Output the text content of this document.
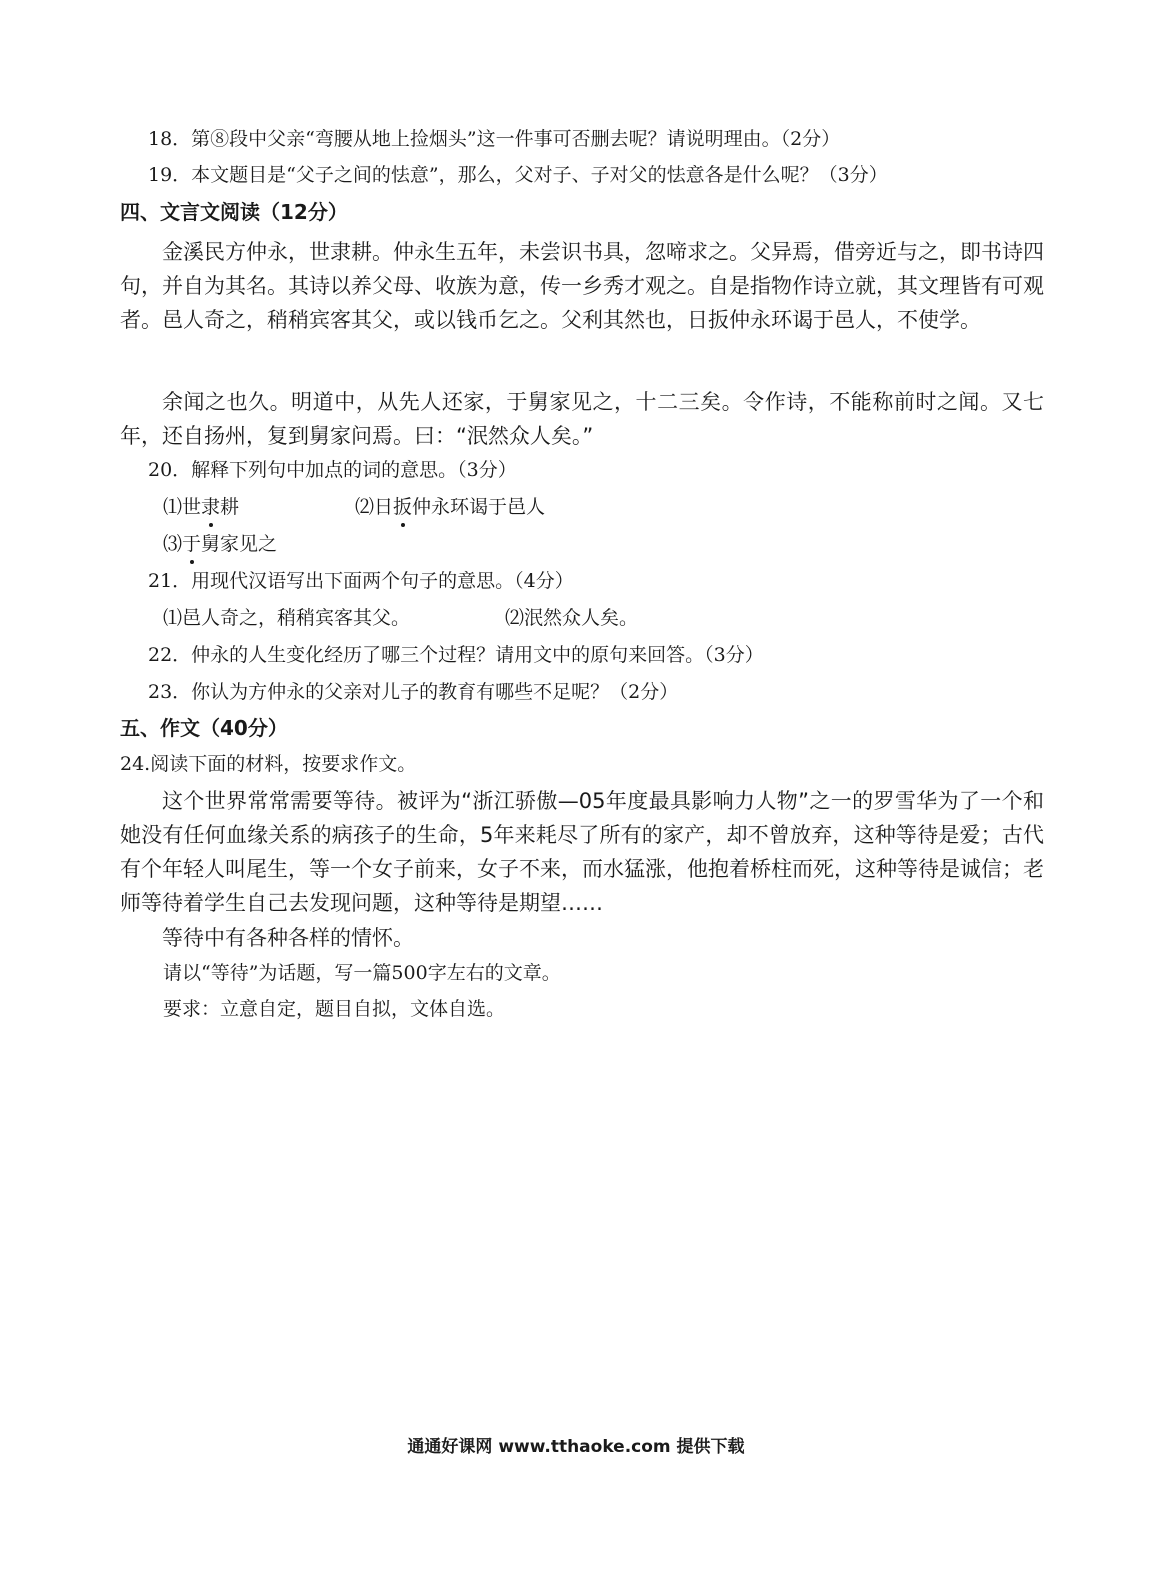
18．第⑧段中父亲“弯腰从地上捡烟头”这一件事可否删去呢？请说明理由。（2分）
19．本文题目是“父子之间的怯意”，那么，父对子、子对父的怯意各是什么呢？（3分）
四、文言文阅读（12分）
金溪民方仲永，世隶耕。仲永生五年，未尝识书具，忽啼求之。父异焉，借旁近与之，即书诗四句，并自为其名。其诗以养父母、收族为意，传一乡秀才观之。自是指物作诗立就，其文理皆有可观者。邑人奇之，稍稍宾客其父，或以钱币乞之。父利其然也，日扳仲永环谒于邑人，不使学。
余闻之也久。明道中，从先人还家，于舅家见之，十二三矣。令作诗，不能称前时之闻。又七年，还自扬州，复到舅家问焉。曰：“泯然众人矣。”
20．解释下列句中加点的词的意思。（3分）
⑴世隶耕	⑵日扳仲永环谒于邑人
⑶于舅家见之
21．用现代汉语写出下面两个句子的意思。（4分）
⑴邑人奇之，稍稍宾客其父。	⑵泯然众人矣。
22．仲永的人生变化经历了哪三个过程？请用文中的原句来回答。（3分）
23．你认为方仲永的父亲对儿子的教育有哪些不足呢？（2分）
五、作文（40分）
24.阅读下面的材料，按要求作文。
这个世界常常需要等待。被评为“浙江骄傲—05年度最具影响力人物”之一的罗雪华为了一个和她没有任何血缘关系的病孩子的生命，5年来耗尽了所有的家产，却不曾放弃，这种等待是爱；古代有个年轻人叫尾生，等一个女子前来，女子不来，而水猛涨，他抱着桥柱而死，这种等待是诚信；老师等待着学生自己去发现问题，这种等待是期望……
等待中有各种各样的情怀。
请以“等待”为话题，写一篇500字左右的文章。
要求：立意自定，题目自拟，文体自选。
通通好课网 www.tthaoke.com 提供下载
